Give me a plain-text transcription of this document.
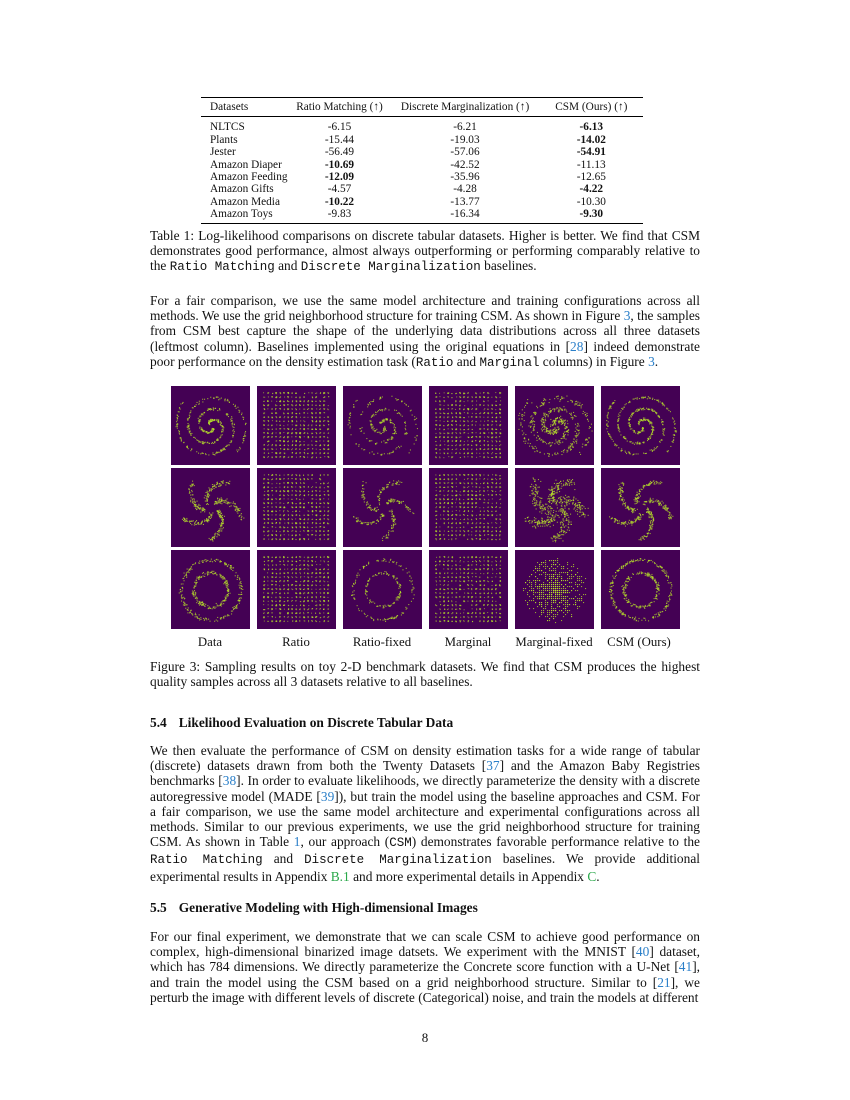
Datasets	Ratio Matching (↑)	Discrete Marginalization (↑)	CSM (Ours) (↑)
NLTCS	-6.15	-6.21	-6.13
Plants	-15.44	-19.03	-14.02
Jester	-56.49	-57.06	-54.91
Amazon Diaper	-10.69	-42.52	-11.13
Amazon Feeding	-12.09	-35.96	-12.65
Amazon Gifts	-4.57	-4.28	-4.22
Amazon Media	-10.22	-13.77	-10.30
Amazon Toys	-9.83	-16.34	-9.30

Table 1: Log-likelihood comparisons on discrete tabular datasets. Higher is better. We find that CSM demonstrates good performance, almost always outperforming or performing comparably relative to the Ratio Matching and Discrete Marginalization baselines.

For a fair comparison, we use the same model architecture and training configurations across all methods. We use the grid neighborhood structure for training CSM. As shown in Figure 3, the samples from CSM best capture the shape of the underlying data distributions across all three datasets (leftmost column). Baselines implemented using the original equations in [28] indeed demonstrate poor performance on the density estimation task (Ratio and Marginal columns) in Figure 3.

Data	Ratio	Ratio-fixed	Marginal	Marginal-fixed	CSM (Ours)

Figure 3: Sampling results on toy 2-D benchmark datasets. We find that CSM produces the highest quality samples across all 3 datasets relative to all baselines.

5.4 Likelihood Evaluation on Discrete Tabular Data

We then evaluate the performance of CSM on density estimation tasks for a wide range of tabular (discrete) datasets drawn from both the Twenty Datasets [37] and the Amazon Baby Registries benchmarks [38]. In order to evaluate likelihoods, we directly parameterize the density with a discrete autoregressive model (MADE [39]), but train the model using the baseline approaches and CSM. For a fair comparison, we use the same model architecture and experimental configurations across all methods. Similar to our previous experiments, we use the grid neighborhood structure for training CSM. As shown in Table 1, our approach (CSM) demonstrates favorable performance relative to the Ratio Matching and Discrete Marginalization baselines. We provide additional experimental results in Appendix B.1 and more experimental details in Appendix C.

5.5 Generative Modeling with High-dimensional Images

For our final experiment, we demonstrate that we can scale CSM to achieve good performance on complex, high-dimensional binarized image datsets. We experiment with the MNIST [40] dataset, which has 784 dimensions. We directly parameterize the Concrete score function with a U-Net [41], and train the model using the CSM based on a grid neighborhood structure. Similar to [21], we perturb the image with different levels of discrete (Categorical) noise, and train the models at different

8
